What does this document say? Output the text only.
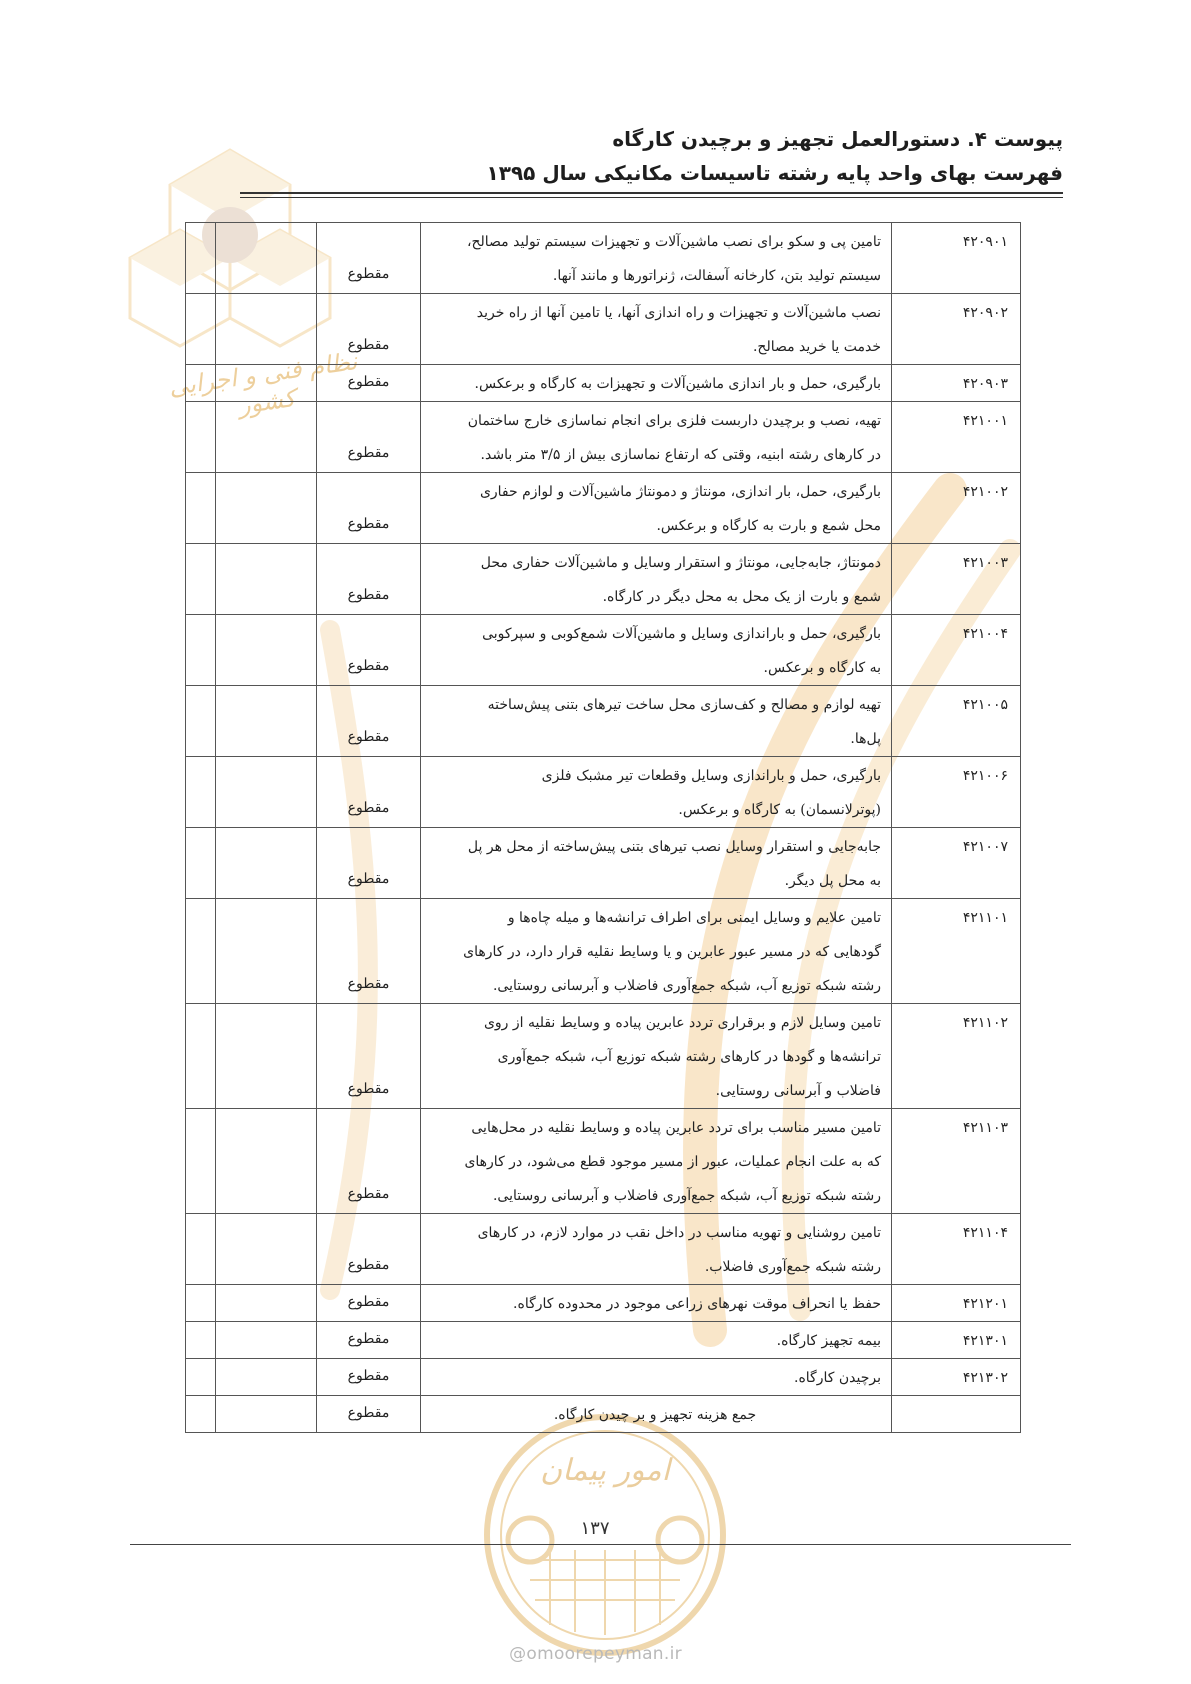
نظام فنی و اجرایی کشور
امور پیمان
پیوست ۴. دستورالعمل تجهیز و برچیدن کارگاه
فهرست بهای واحد پایه رشته تاسیسات مکانیکی سال ۱۳۹۵
۴۲۰۹۰۱	تامین پی و سکو برای نصب ماشین‌آلات و تجهیزات سیستم تولید مصالح،
سیستم تولید بتن، کارخانه آسفالت، ژنراتورها و مانند آنها.	مقطوع		
۴۲۰۹۰۲	نصب ماشین‌آلات و تجهیزات و راه اندازی آنها، یا تامین آنها از راه خرید
خدمت یا خرید مصالح.	مقطوع		
۴۲۰۹۰۳	بارگیری، حمل و بار اندازی ماشین‌آلات و تجهیزات به کارگاه و برعکس.	مقطوع		
۴۲۱۰۰۱	تهیه، نصب و برچیدن داربست فلزی برای انجام نماسازی خارج ساختمان
در کارهای رشته ابنیه، وقتی که ارتفاع نماسازی بیش از ۳/۵ متر باشد.	مقطوع		
۴۲۱۰۰۲	بارگیری، حمل، بار اندازی، مونتاژ و دمونتاژ ماشین‌آلات و لوازم حفاری
محل شمع و بارت به کارگاه و برعکس.	مقطوع		
۴۲۱۰۰۳	دمونتاژ، جابه‌جایی، مونتاژ و استقرار وسایل و ماشین‌آلات حفاری محل
شمع و بارت از یک محل به محل دیگر در کارگاه.	مقطوع		
۴۲۱۰۰۴	بارگیری، حمل و باراندازی وسایل و ماشین‌آلات شمع‌کوبی و سپرکوبی
به کارگاه و برعکس.	مقطوع		
۴۲۱۰۰۵	تهیه لوازم و مصالح و کف‌سازی محل ساخت تیرهای بتنی پیش‌ساخته
پل‌ها.	مقطوع		
۴۲۱۰۰۶	بارگیری، حمل و باراندازی وسایل وقطعات تیر مشبک فلزی
(پوترلانسمان) به کارگاه و برعکس.	مقطوع		
۴۲۱۰۰۷	جابه‌جایی و استقرار وسایل نصب تیرهای بتنی پیش‌ساخته از محل هر پل
به محل پل دیگر.	مقطوع		
۴۲۱۱۰۱	تامین علایم و وسایل ایمنی برای اطراف ترانشه‌ها و میله چاه‌ها و
گودهایی که در مسیر عبور عابرین و یا وسایط نقلیه قرار دارد، در کارهای
رشته شبکه توزیع آب، شبکه جمع‌آوری فاضلاب و آبرسانی روستایی.	مقطوع		
۴۲۱۱۰۲	تامین وسایل لازم و برقراری تردد عابرین پیاده و وسایط نقلیه از روی
ترانشه‌ها و گودها در کارهای رشته شبکه توزیع آب، شبکه جمع‌آوری
فاضلاب و آبرسانی روستایی.	مقطوع		
۴۲۱۱۰۳	تامین مسیر مناسب برای تردد عابرین پیاده و وسایط نقلیه در محل‌هایی
که به علت انجام عملیات، عبور از مسیر موجود قطع می‌شود، در کارهای
رشته شبکه توزیع آب، شبکه جمع‌آوری فاضلاب و آبرسانی روستایی.	مقطوع		
۴۲۱۱۰۴	تامین روشنایی و تهویه مناسب در داخل نقب در موارد لازم، در کارهای
رشته شبکه جمع‌آوری فاضلاب.	مقطوع		
۴۲۱۲۰۱	حفظ یا انحراف موقت نهرهای زراعی موجود در محدوده کارگاه.	مقطوع		
۴۲۱۳۰۱	بیمه تجهیز کارگاه.	مقطوع		
۴۲۱۳۰۲	برچیدن کارگاه.	مقطوع		
	جمع هزینه تجهیز و بر چیدن کارگاه.	مقطوع		
۱۳۷
@omoorepeyman.ir
